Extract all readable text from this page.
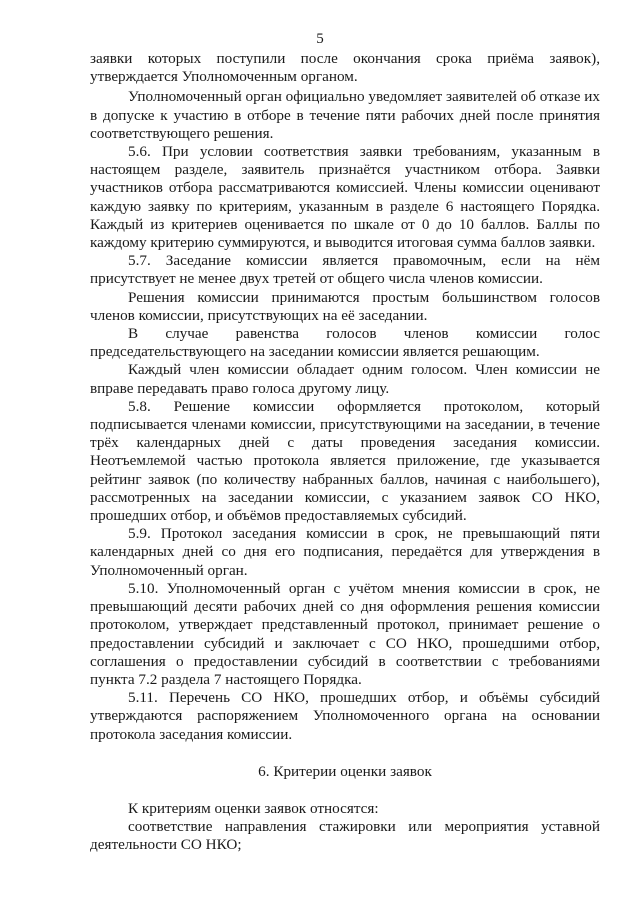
5

заявки которых поступили после окончания срока приёма заявок), утверждается Уполномоченным органом.

Уполномоченный орган официально уведомляет заявителей об отказе их в допуске к участию в отборе в течение пяти рабочих дней после принятия соответствующего решения.

5.6. При условии соответствия заявки требованиям, указанным в настоящем разделе, заявитель признаётся участником отбора. Заявки участников отбора рассматриваются комиссией. Члены комиссии оценивают каждую заявку по критериям, указанным в разделе 6 настоящего Порядка. Каждый из критериев оценивается по шкале от 0 до 10 баллов. Баллы по каждому критерию суммируются, и выводится итоговая сумма баллов заявки.

5.7. Заседание комиссии является правомочным, если на нём присутствует не менее двух третей от общего числа членов комиссии.

Решения комиссии принимаются простым большинством голосов членов комиссии, присутствующих на её заседании.

В случае равенства голосов членов комиссии голос председательствующего на заседании комиссии является решающим.

Каждый член комиссии обладает одним голосом. Член комиссии не вправе передавать право голоса другому лицу.

5.8. Решение комиссии оформляется протоколом, который подписывается членами комиссии, присутствующими на заседании, в течение трёх календарных дней с даты проведения заседания комиссии. Неотъемлемой частью протокола является приложение, где указывается рейтинг заявок (по количеству набранных баллов, начиная с наибольшего), рассмотренных на заседании комиссии, с указанием заявок СО НКО, прошедших отбор, и объёмов предоставляемых субсидий.

5.9. Протокол заседания комиссии в срок, не превышающий пяти календарных дней со дня его подписания, передаётся для утверждения в Уполномоченный орган.

5.10. Уполномоченный орган с учётом мнения комиссии в срок, не превышающий десяти рабочих дней со дня оформления решения комиссии протоколом, утверждает представленный протокол, принимает решение о предоставлении субсидий и заключает с СО НКО, прошедшими отбор, соглашения о предоставлении субсидий в соответствии с требованиями пункта 7.2 раздела 7 настоящего Порядка.

5.11. Перечень СО НКО, прошедших отбор, и объёмы субсидий утверждаются распоряжением Уполномоченного органа на основании протокола заседания комиссии.

6. Критерии оценки заявок

К критериям оценки заявок относятся:

соответствие направления стажировки или мероприятия уставной деятельности СО НКО;
